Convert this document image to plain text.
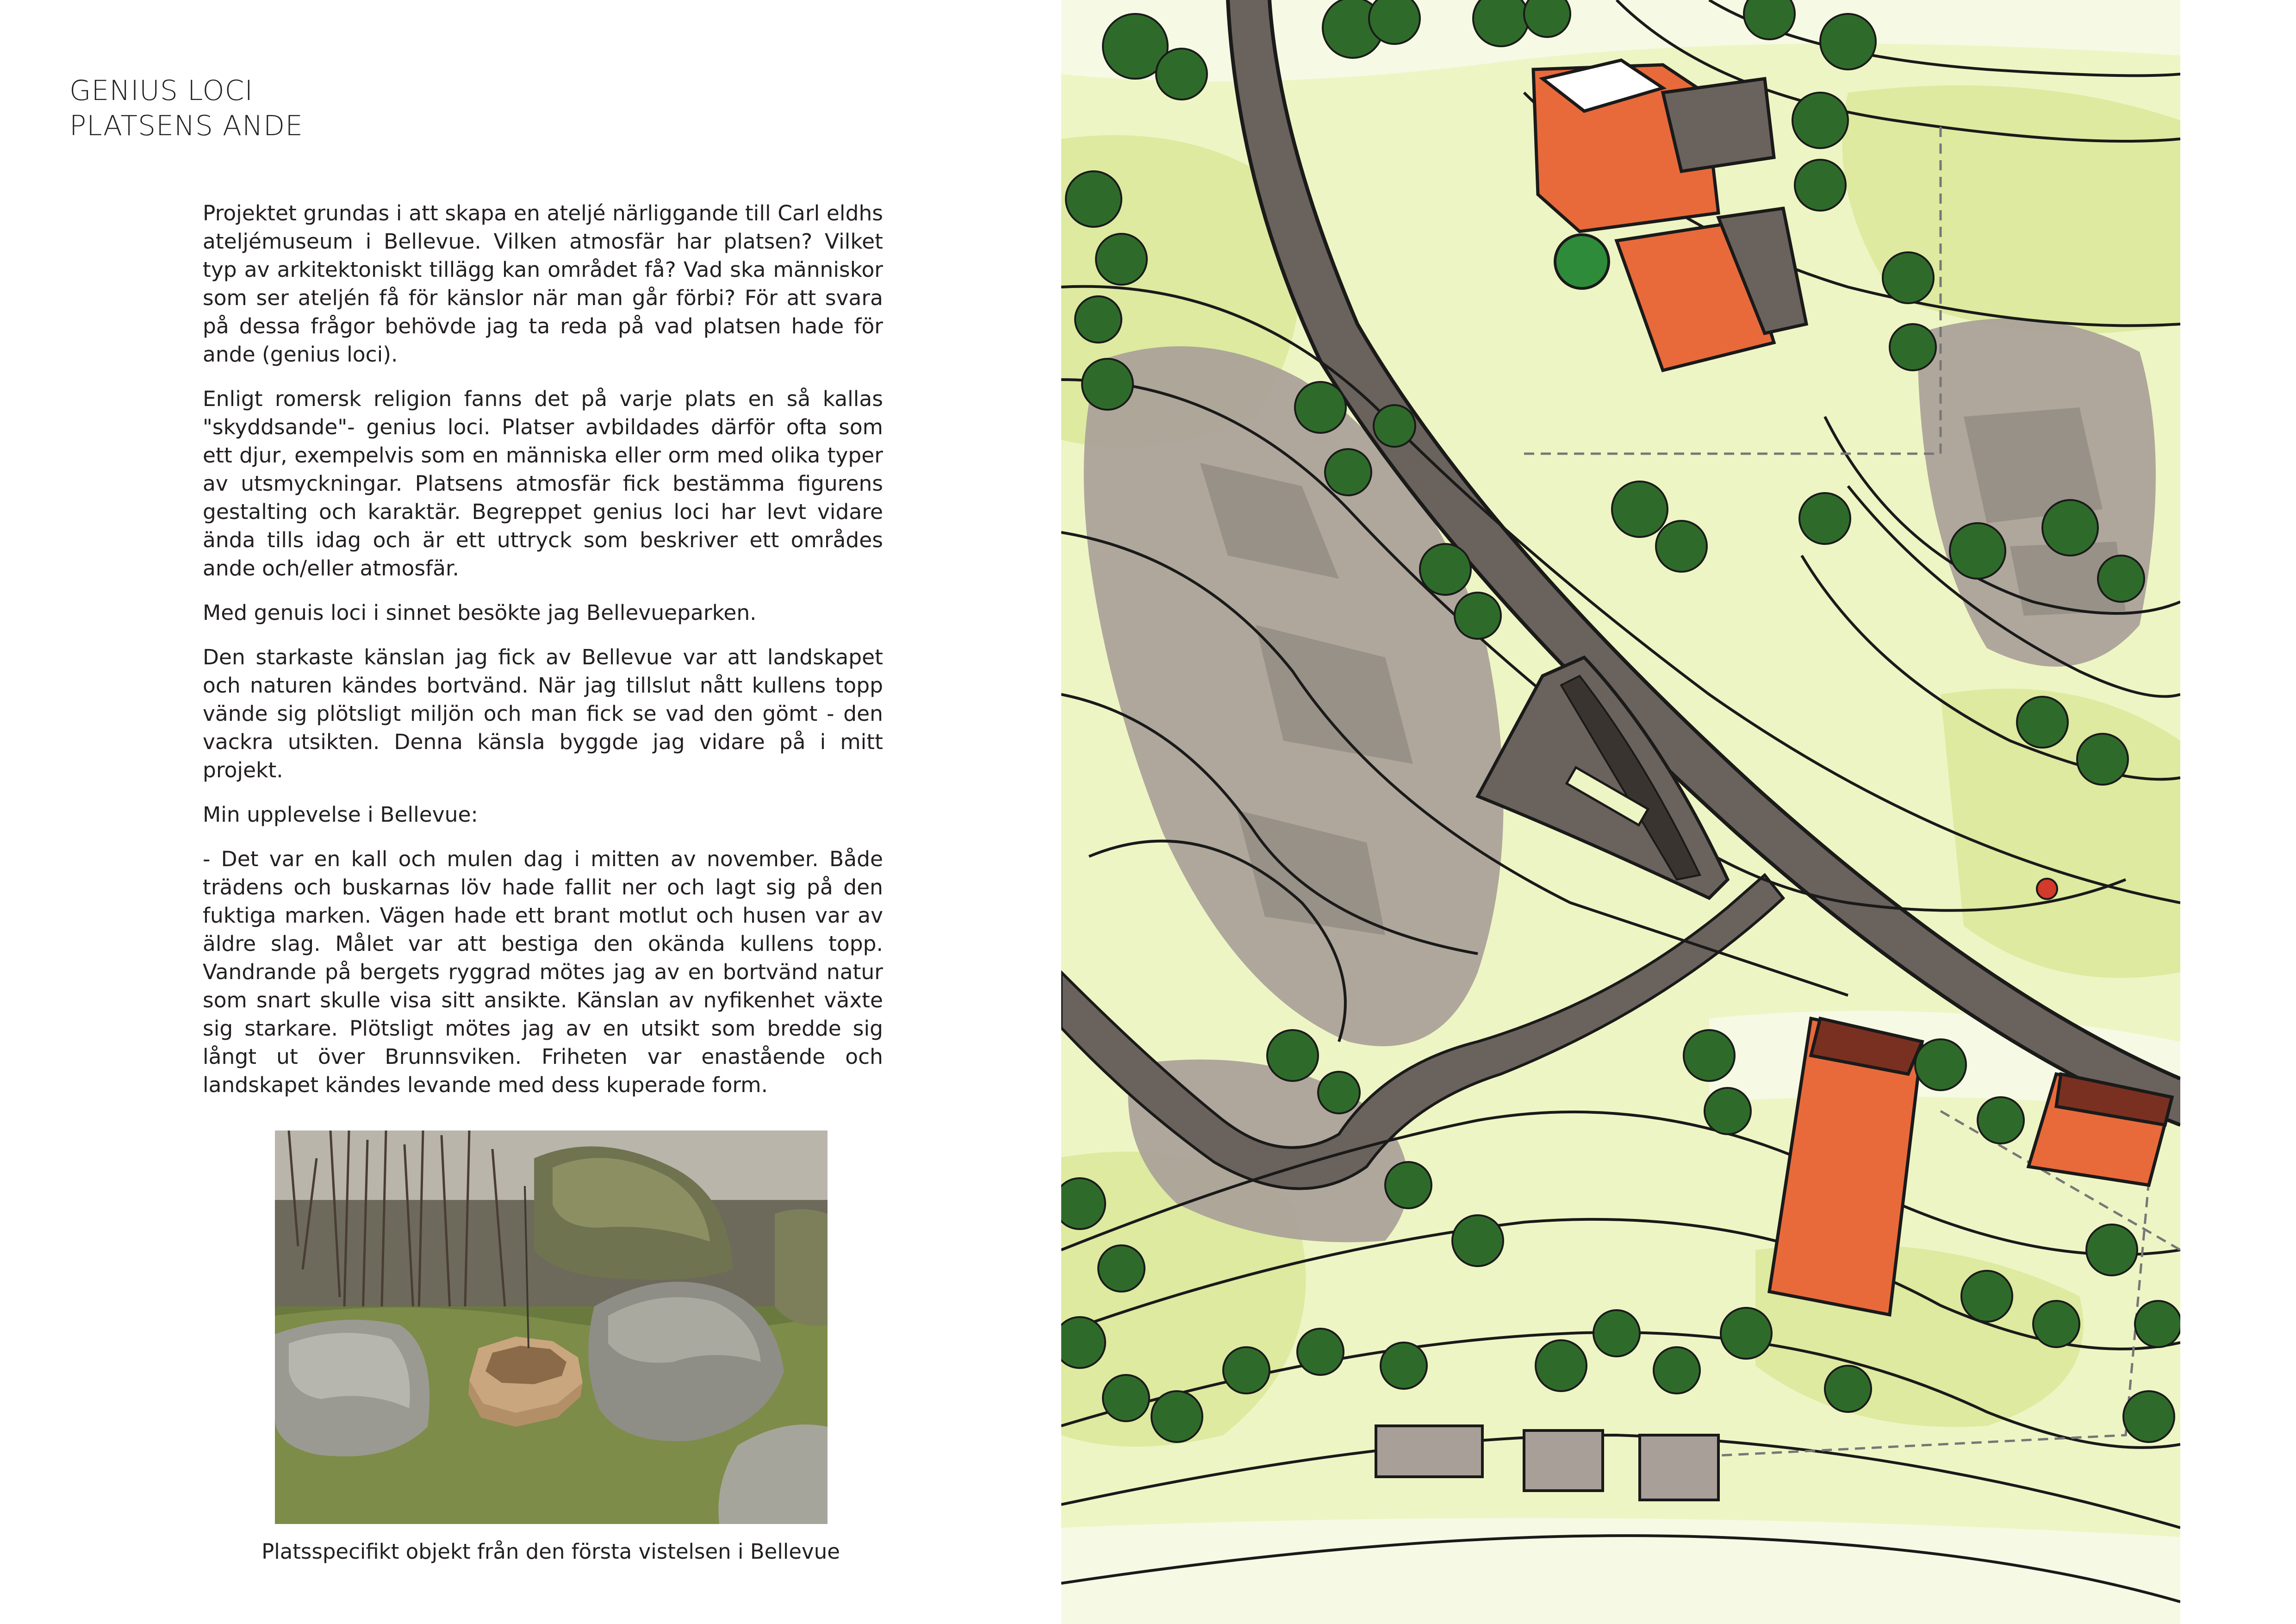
GENIUS LOCI
PLATSENS ANDE

Projektet grundas i att skapa en ateljé närliggande till Carl eldhs ateljémuseum i Bellevue. Vilken atmosfär har platsen? Vilket typ av arkitektoniskt tillägg kan området få? Vad ska människor som ser ateljén få för känslor när man går förbi? För att svara på dessa frågor behövde jag ta reda på vad platsen hade för ande (genius loci).

Enligt romersk religion fanns det på varje plats en så kallas "skyddsande"- genius loci. Platser avbildades därför ofta som ett djur, exempelvis som en människa eller orm med olika typer av utsmyckningar. Platsens atmosfär fick bestämma figurens gestalting och karaktär. Begreppet genius loci har levt vidare ända tills idag och är ett uttryck som beskriver ett områdes ande och/eller atmosfär.

Med genuis loci i sinnet besökte jag Bellevueparken.

Den starkaste känslan jag fick av Bellevue var att landskapet och naturen kändes bortvänd. När jag tillslut nått kullens topp vände sig plötsligt miljön och man fick se vad den gömt - den vackra utsikten. Denna känsla byggde jag vidare på i mitt projekt.

Min upplevelse i Bellevue:

- Det var en kall och mulen dag i mitten av november. Både trädens och buskarnas löv hade fallit ner och lagt sig på den fuktiga marken. Vägen hade ett brant motlut och husen var av äldre slag. Målet var att bestiga den okända kullens topp. Vandrande på bergets ryggrad mötes jag av en bortvänd natur som snart skulle visa sitt ansikte. Känslan av nyfikenhet växte sig starkare. Plötsligt mötes jag av en utsikt som bredde sig långt ut över Brunnsviken. Friheten var enastående och landskapet kändes levande med dess kuperade form.

Platsspecifikt objekt från den första vistelsen i Bellevue
